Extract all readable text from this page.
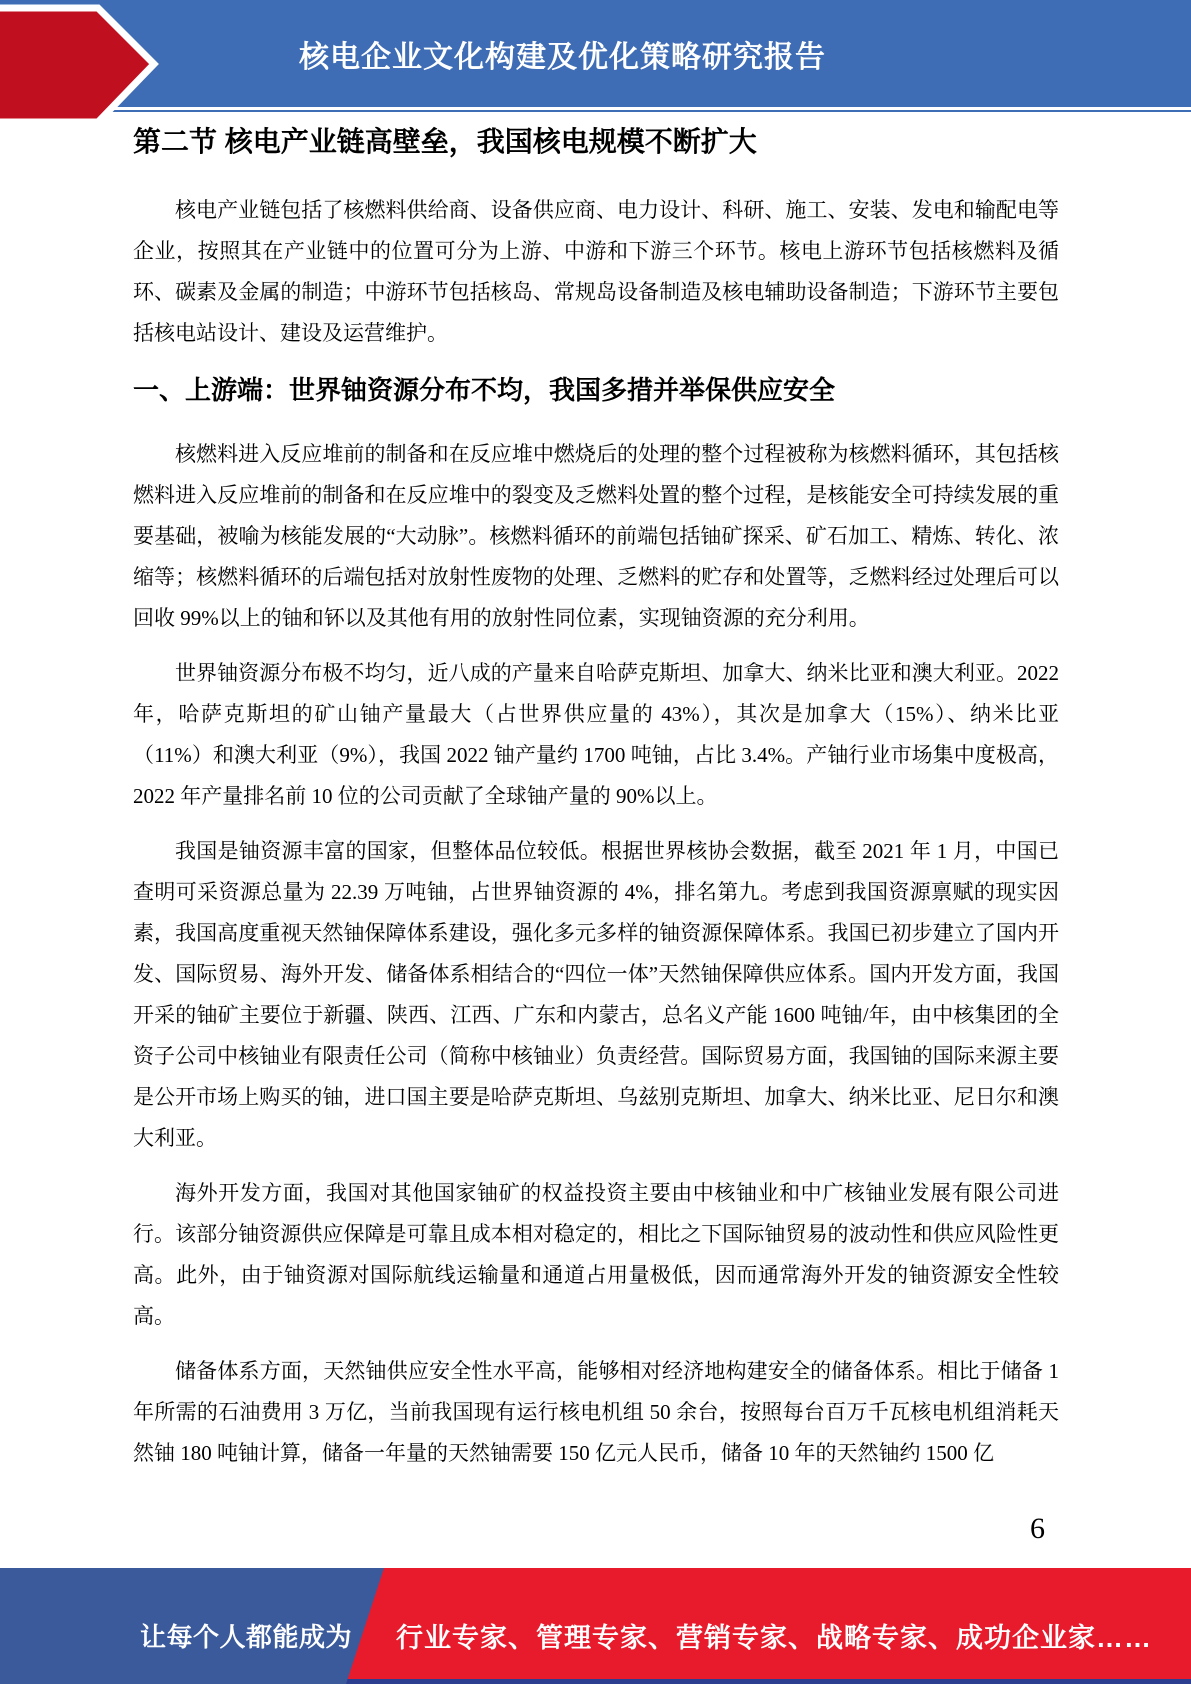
核电企业文化构建及优化策略研究报告
第二节 核电产业链高壁垒，我国核电规模不断扩大

核电产业链包括了核燃料供给商、设备供应商、电力设计、科研、施工、安装、发电和输配电等企业，按照其在产业链中的位置可分为上游、中游和下游三个环节。核电上游环节包括核燃料及循环、碳素及金属的制造；中游环节包括核岛、常规岛设备制造及核电辅助设备制造；下游环节主要包括核电站设计、建设及运营维护。

一、上游端：世界铀资源分布不均，我国多措并举保供应安全

核燃料进入反应堆前的制备和在反应堆中燃烧后的处理的整个过程被称为核燃料循环，其包括核燃料进入反应堆前的制备和在反应堆中的裂变及乏燃料处置的整个过程，是核能安全可持续发展的重要基础，被喻为核能发展的“大动脉”。核燃料循环的前端包括铀矿探采、矿石加工、精炼、转化、浓缩等；核燃料循环的后端包括对放射性废物的处理、乏燃料的贮存和处置等，乏燃料经过处理后可以回收 99%以上的铀和钚以及其他有用的放射性同位素，实现铀资源的充分利用。

世界铀资源分布极不均匀，近八成的产量来自哈萨克斯坦、加拿大、纳米比亚和澳大利亚。2022 年，哈萨克斯坦的矿山铀产量最大（占世界供应量的 43%），其次是加拿大（15%）、纳米比亚（11%）和澳大利亚（9%），我国 2022 铀产量约 1700 吨铀，占比 3.4%。产铀行业市场集中度极高，2022 年产量排名前 10 位的公司贡献了全球铀产量的 90%以上。

我国是铀资源丰富的国家，但整体品位较低。根据世界核协会数据，截至 2021 年 1 月，中国已查明可采资源总量为 22.39 万吨铀，占世界铀资源的 4%，排名第九。考虑到我国资源禀赋的现实因素，我国高度重视天然铀保障体系建设，强化多元多样的铀资源保障体系。我国已初步建立了国内开发、国际贸易、海外开发、储备体系相结合的“四位一体”天然铀保障供应体系。国内开发方面，我国开采的铀矿主要位于新疆、陕西、江西、广东和内蒙古，总名义产能 1600 吨铀/年，由中核集团的全资子公司中核铀业有限责任公司（简称中核铀业）负责经营。国际贸易方面，我国铀的国际来源主要是公开市场上购买的铀，进口国主要是哈萨克斯坦、乌兹别克斯坦、加拿大、纳米比亚、尼日尔和澳大利亚。

海外开发方面，我国对其他国家铀矿的权益投资主要由中核铀业和中广核铀业发展有限公司进行。该部分铀资源供应保障是可靠且成本相对稳定的，相比之下国际铀贸易的波动性和供应风险性更高。此外，由于铀资源对国际航线运输量和通道占用量极低，因而通常海外开发的铀资源安全性较高。

储备体系方面，天然铀供应安全性水平高，能够相对经济地构建安全的储备体系。相比于储备 1 年所需的石油费用 3 万亿，当前我国现有运行核电机组 50 余台，按照每台百万千瓦核电机组消耗天然铀 180 吨铀计算，储备一年量的天然铀需要 150 亿元人民币，储备 10 年的天然铀约 1500 亿

6
让每个人都能成为 行业专家、管理专家、营销专家、战略专家、成功企业家……
